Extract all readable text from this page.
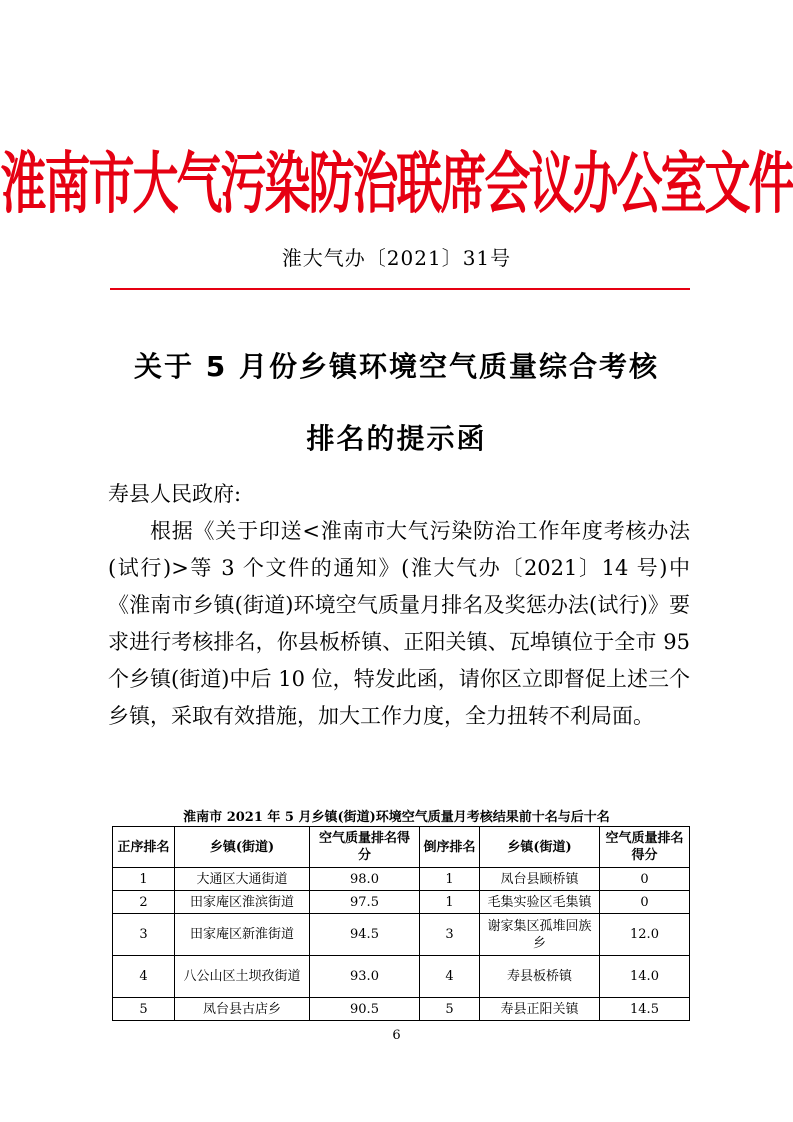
淮南市大气污染防治联席会议办公室文件
淮大气办〔2021〕31号
关于 5 月份乡镇环境空气质量综合考核
排名的提示函
寿县人民政府:

根据《关于印送<淮南市大气污染防治工作年度考核办法(试行)>等 3 个文件的通知》(淮大气办〔2021〕14 号)中《淮南市乡镇(街道)环境空气质量月排名及奖惩办法(试行)》要求进行考核排名，你县板桥镇、正阳关镇、瓦埠镇位于全市 95 个乡镇(街道)中后 10 位，特发此函，请你区立即督促上述三个乡镇，采取有效措施，加大工作力度，全力扭转不利局面。

淮南市 2021 年 5 月乡镇(街道)环境空气质量月考核结果前十名与后十名
正序排名	乡镇(街道)	空气质量排名得分	倒序排名	乡镇(街道)	空气质量排名得分
1	大通区大通街道	98.0	1	凤台县顾桥镇	0
2	田家庵区淮滨街道	97.5	1	毛集实验区毛集镇	0
3	田家庵区新淮街道	94.5	3	谢家集区孤堆回族乡	12.0
4	八公山区土坝孜街道	93.0	4	寿县板桥镇	14.0
5	凤台县古店乡	90.5	5	寿县正阳关镇	14.5
6
